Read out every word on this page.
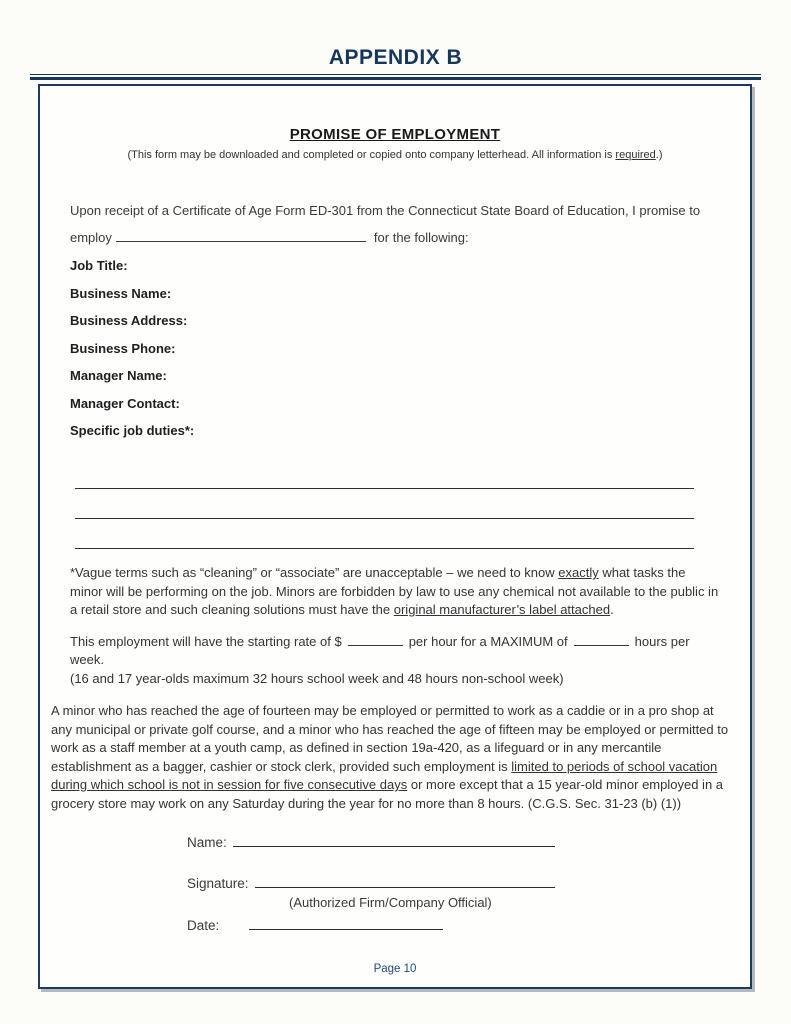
APPENDIX B
PROMISE OF EMPLOYMENT
(This form may be downloaded and completed or copied onto company letterhead. All information is required.)
Upon receipt of a Certificate of Age Form ED-301 from the Connecticut State Board of Education, I promise to
employ	for the following:
Job Title:
Business Name:
Business Address:
Business Phone:
Manager Name:
Manager Contact:
Specific job duties*:
*Vague terms such as “cleaning” or “associate” are unacceptable – we need to know exactly what tasks the minor will be performing on the job. Minors are forbidden by law to use any chemical not available to the public in a retail store and such cleaning solutions must have the original manufacturer’s label attached.
This employment will have the starting rate of $	per hour for a MAXIMUM of	hours per week.
(16 and 17 year-olds maximum 32 hours school week and 48 hours non-school week)
A minor who has reached the age of fourteen may be employed or permitted to work as a caddie or in a pro shop at any municipal or private golf course, and a minor who has reached the age of fifteen may be employed or permitted to work as a staff member at a youth camp, as defined in section 19a-420, as a lifeguard or in any mercantile establishment as a bagger, cashier or stock clerk, provided such employment is limited to periods of school vacation during which school is not in session for five consecutive days or more except that a 15 year-old minor employed in a grocery store may work on any Saturday during the year for no more than 8 hours. (C.G.S. Sec. 31-23 (b) (1))
Name:
Signature:
(Authorized Firm/Company Official)
Date:
Page 10
